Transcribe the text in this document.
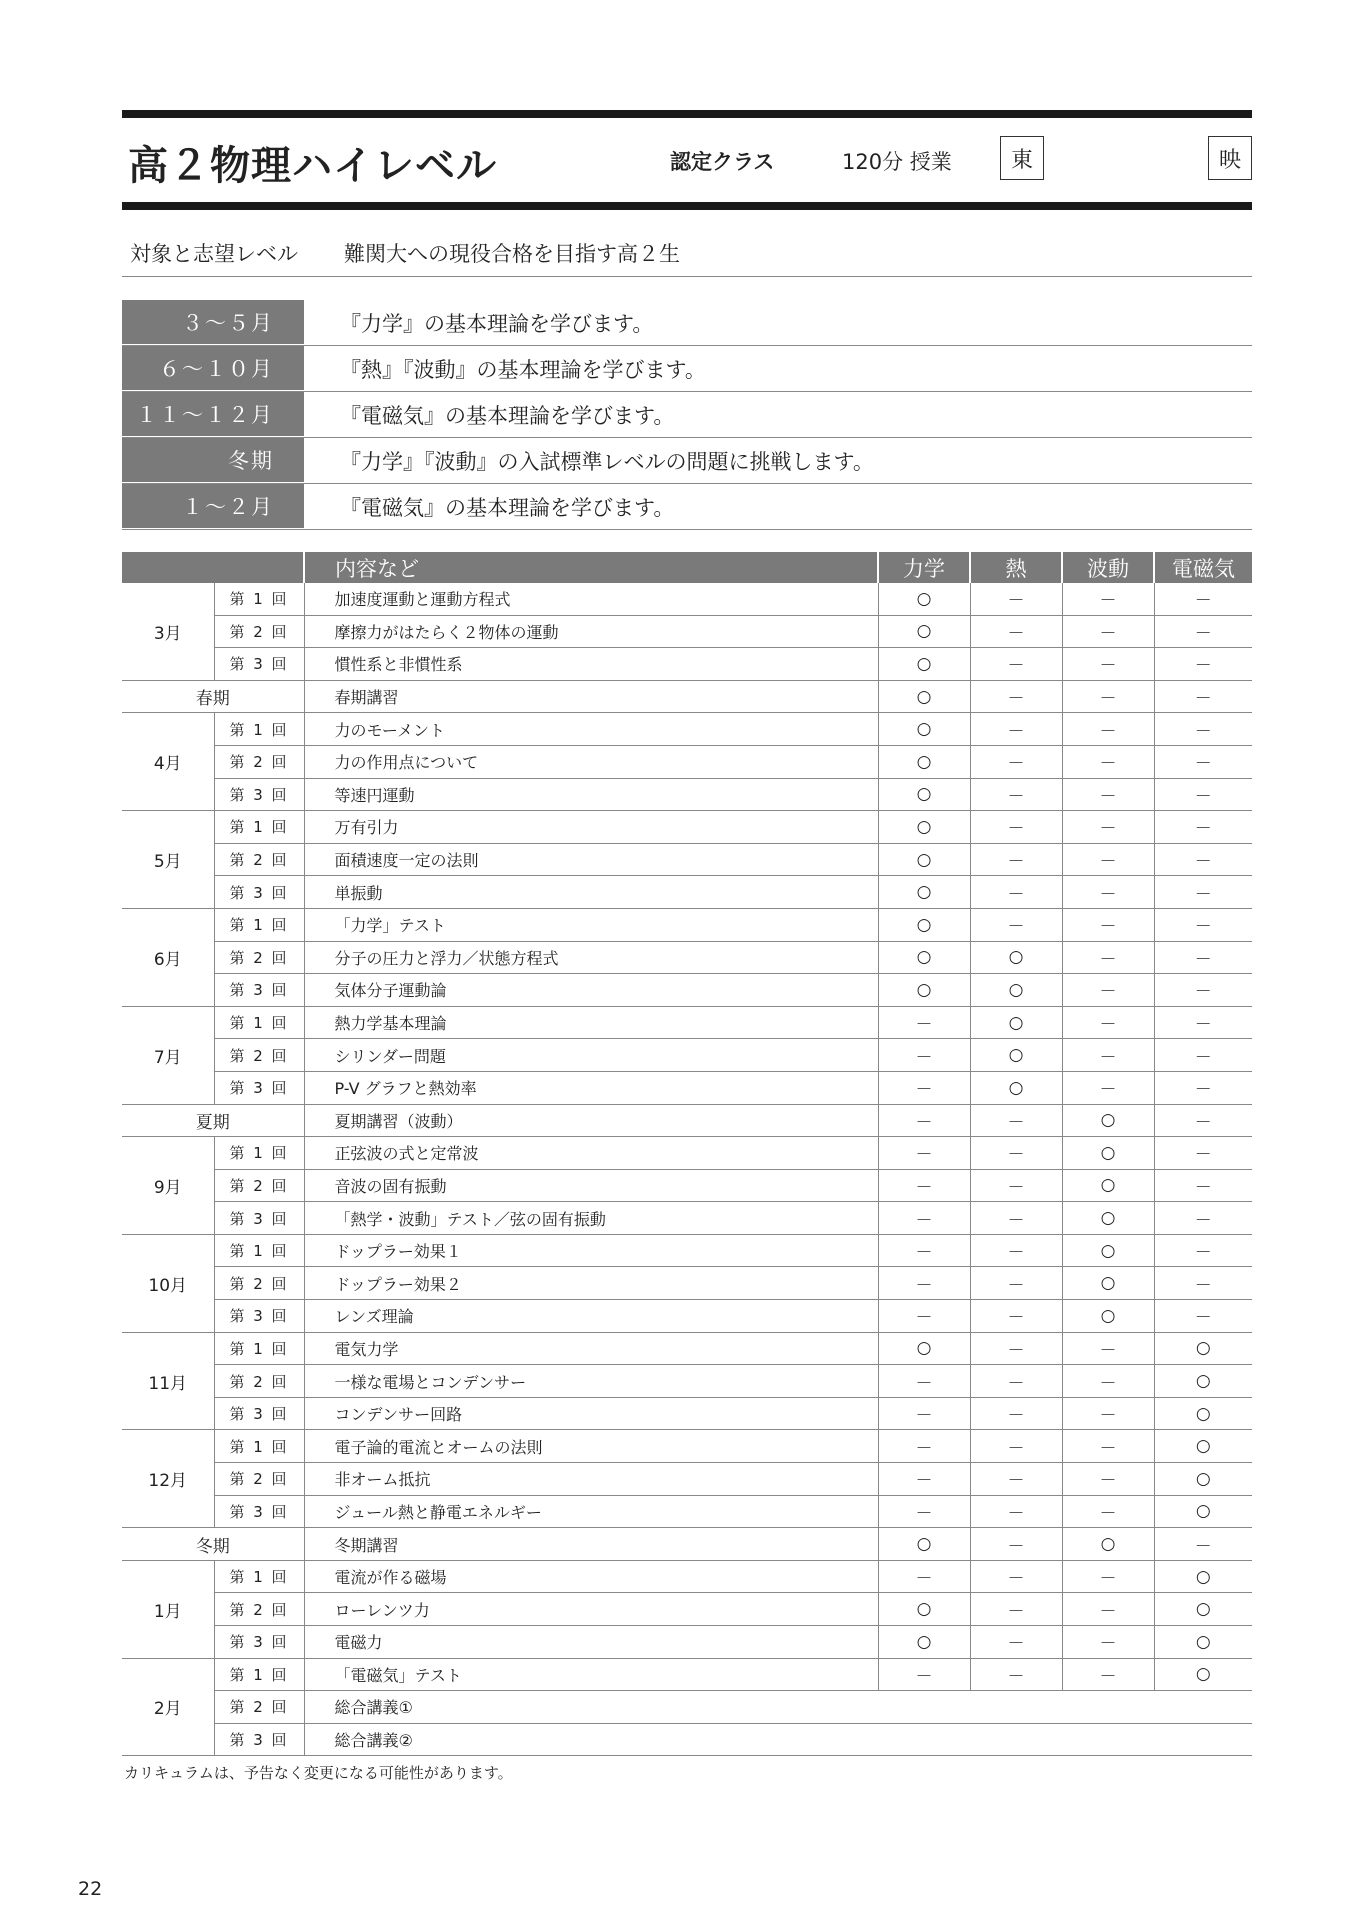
高２物理ハイレベル	認定クラス	120分 授業	東	映
対象と志望レベル	難関大への現役合格を目指す高２生
３～５月	『力学』の基本理論を学びます。
６～１０月	『熱』『波動』の基本理論を学びます。
１１～１２月	『電磁気』の基本理論を学びます。
冬期	『力学』『波動』の入試標準レベルの問題に挑戦します。
１～２月	『電磁気』の基本理論を学びます。
		内容など	力学	熱	波動	電磁気
3月	第 1 回	加速度運動と運動方程式	○	－	－	－
	第 2 回	摩擦力がはたらく２物体の運動	○	－	－	－
	第 3 回	慣性系と非慣性系	○	－	－	－
春期		春期講習	○	－	－	－
4月	第 1 回	力のモーメント	○	－	－	－
	第 2 回	力の作用点について	○	－	－	－
	第 3 回	等速円運動	○	－	－	－
5月	第 1 回	万有引力	○	－	－	－
	第 2 回	面積速度一定の法則	○	－	－	－
	第 3 回	単振動	○	－	－	－
6月	第 1 回	「力学」テスト	○	－	－	－
	第 2 回	分子の圧力と浮力／状態方程式	○	○	－	－
	第 3 回	気体分子運動論	○	○	－	－
7月	第 1 回	熱力学基本理論	－	○	－	－
	第 2 回	シリンダー問題	－	○	－	－
	第 3 回	P-V グラフと熱効率	－	○	－	－
夏期		夏期講習（波動）	－	－	○	－
9月	第 1 回	正弦波の式と定常波	－	－	○	－
	第 2 回	音波の固有振動	－	－	○	－
	第 3 回	「熱学・波動」テスト／弦の固有振動	－	－	○	－
10月	第 1 回	ドップラー効果１	－	－	○	－
	第 2 回	ドップラー効果２	－	－	○	－
	第 3 回	レンズ理論	－	－	○	－
11月	第 1 回	電気力学	○	－	－	○
	第 2 回	一様な電場とコンデンサー	－	－	－	○
	第 3 回	コンデンサー回路	－	－	－	○
12月	第 1 回	電子論的電流とオームの法則	－	－	－	○
	第 2 回	非オーム抵抗	－	－	－	○
	第 3 回	ジュール熱と静電エネルギー	－	－	－	○
冬期		冬期講習	○	－	○	－
1月	第 1 回	電流が作る磁場	－	－	－	○
	第 2 回	ローレンツ力	○	－	－	○
	第 3 回	電磁力	○	－	－	○
2月	第 1 回	「電磁気」テスト	－	－	－	○
	第 2 回	総合講義①				
	第 3 回	総合講義②				
カリキュラムは、予告なく変更になる可能性があります。
22
